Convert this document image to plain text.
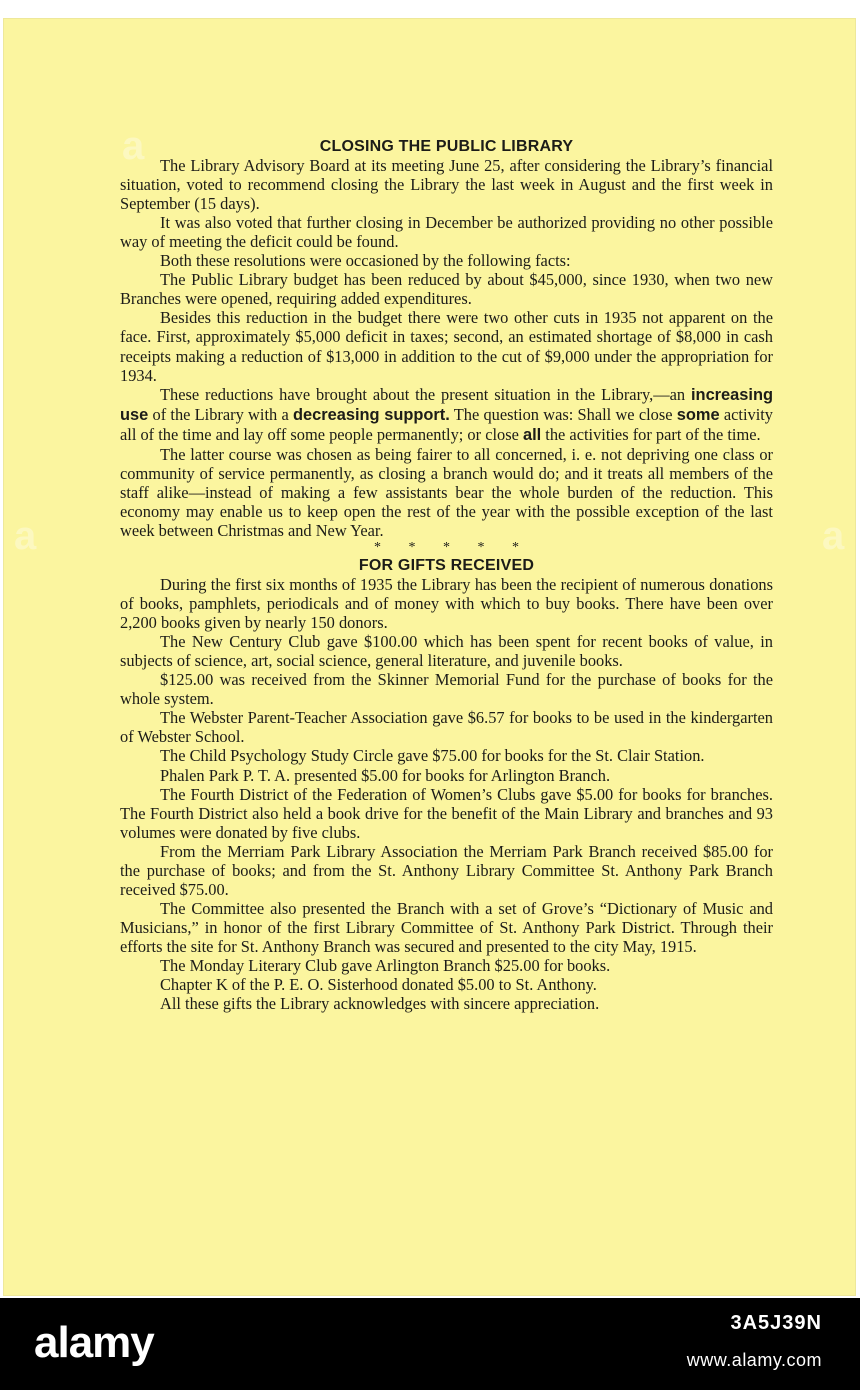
a
a	a
CLOSING THE PUBLIC LIBRARY

The Library Advisory Board at its meeting June 25, after considering the Library’s financial situation, voted to recommend closing the Library the last week in August and the first week in September (15 days).

It was also voted that further closing in December be authorized providing no other possible way of meeting the deficit could be found.

Both these resolutions were occasioned by the following facts:

The Public Library budget has been reduced by about $45,000, since 1930, when two new Branches were opened, requiring added expenditures.

Besides this reduction in the budget there were two other cuts in 1935 not apparent on the face. First, approximately $5,000 deficit in taxes; second, an estimated shortage of $8,000 in cash receipts making a reduction of $13,000 in addition to the cut of $9,000 under the appropriation for 1934.

These reductions have brought about the present situation in the Library,—an increasing use of the Library with a decreasing support. The question was: Shall we close some activity all of the time and lay off some people permanently; or close all the activities for part of the time.

The latter course was chosen as being fairer to all concerned, i. e. not depriving one class or community of service permanently, as closing a branch would do; and it treats all members of the staff alike—instead of making a few assistants bear the whole burden of the reduction. This economy may enable us to keep open the rest of the year with the possible exception of the last week between Christmas and New Year.

* * * * *
FOR GIFTS RECEIVED

During the first six months of 1935 the Library has been the recipient of numerous donations of books, pamphlets, periodicals and of money with which to buy books. There have been over 2,200 books given by nearly 150 donors.

The New Century Club gave $100.00 which has been spent for recent books of value, in subjects of science, art, social science, general literature, and juvenile books.

$125.00 was received from the Skinner Memorial Fund for the purchase of books for the whole system.

The Webster Parent-Teacher Association gave $6.57 for books to be used in the kindergarten of Webster School.

The Child Psychology Study Circle gave $75.00 for books for the St. Clair Station.

Phalen Park P. T. A. presented $5.00 for books for Arlington Branch.

The Fourth District of the Federation of Women’s Clubs gave $5.00 for books for branches. The Fourth District also held a book drive for the benefit of the Main Library and branches and 93 volumes were donated by five clubs.

From the Merriam Park Library Association the Merriam Park Branch received $85.00 for the purchase of books; and from the St. Anthony Library Committee St. Anthony Park Branch received $75.00.

The Committee also presented the Branch with a set of Grove’s “Dictionary of Music and Musicians,” in honor of the first Library Committee of St. Anthony Park District. Through their efforts the site for St. Anthony Branch was secured and presented to the city May, 1915.

The Monday Literary Club gave Arlington Branch $25.00 for books.

Chapter K of the P. E. O. Sisterhood donated $5.00 to St. Anthony.

All these gifts the Library acknowledges with sincere appreciation.

alamy	3A5J39N
www.alamy.com
